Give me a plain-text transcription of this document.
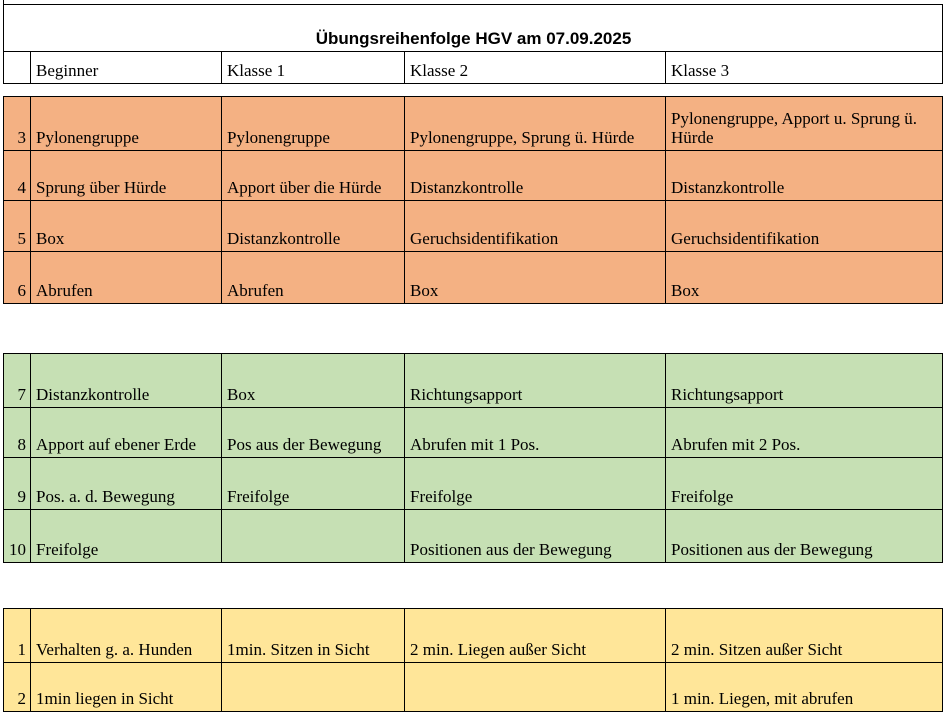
Übungsreihenfolge HGV am 07.09.2025
	Beginner	Klasse 1	Klasse 2	Klasse 3
3	Pylonengruppe	Pylonengruppe	Pylonengruppe, Sprung ü. Hürde	Pylonengruppe, Apport u. Sprung ü. Hürde
4	Sprung über Hürde	Apport über die Hürde	Distanzkontrolle	Distanzkontrolle
5	Box	Distanzkontrolle	Geruchsidentifikation	Geruchsidentifikation
6	Abrufen	Abrufen	Box	Box
7	Distanzkontrolle	Box	Richtungsapport	Richtungsapport
8	Apport auf ebener Erde	Pos aus der Bewegung	Abrufen mit 1 Pos.	Abrufen mit 2 Pos.
9	Pos. a. d. Bewegung	Freifolge	Freifolge	Freifolge
10	Freifolge		Positionen aus der Bewegung	Positionen aus der Bewegung
1	Verhalten g. a. Hunden	1min. Sitzen in Sicht	2 min. Liegen außer Sicht	2 min. Sitzen außer Sicht
2	1min liegen in Sicht			1 min. Liegen, mit abrufen
